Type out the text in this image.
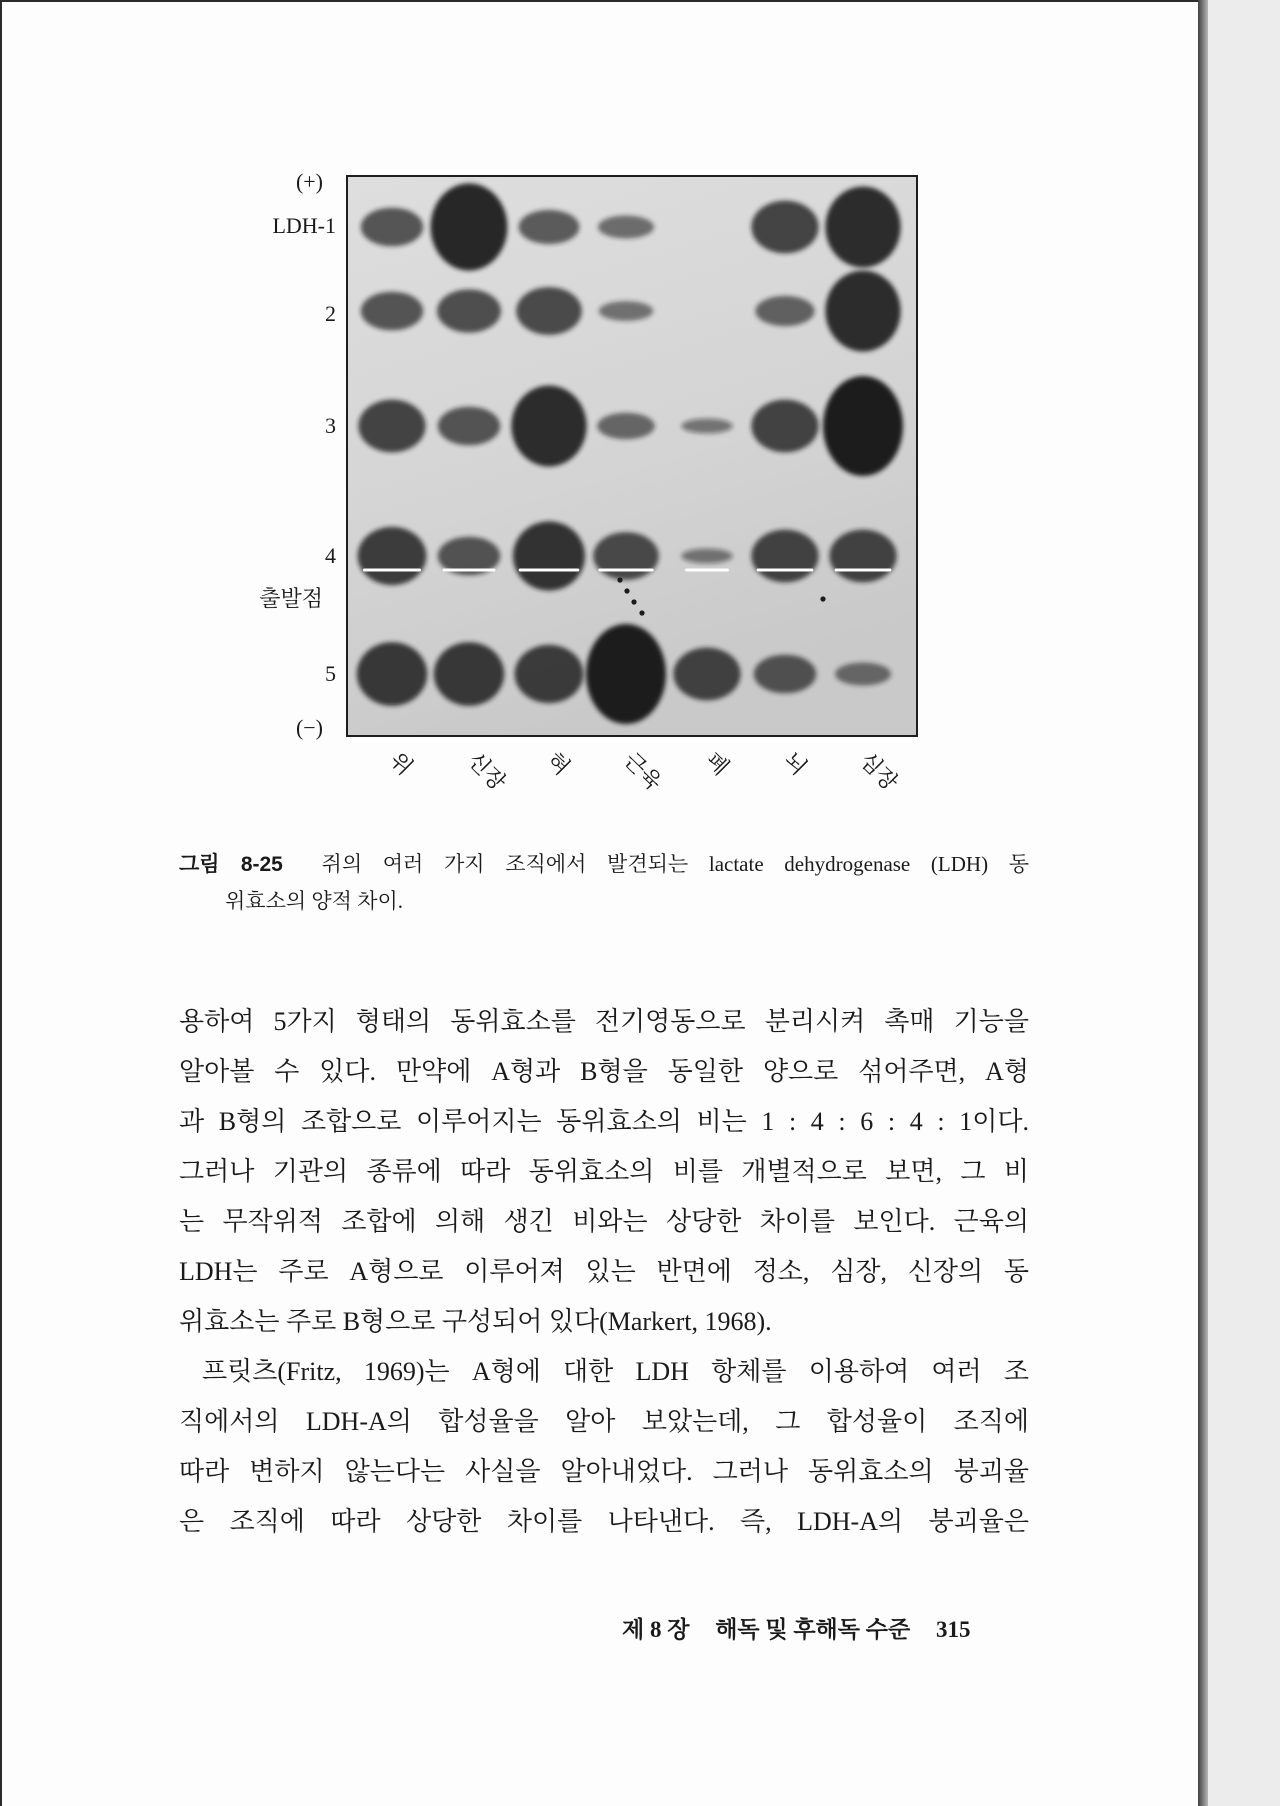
(+)
LDH-1
2
3
4
출발점
5
(−)
위 신장 혀 근육 폐 뇌 심장
그림 8-25 쥐의 여러 가지 조직에서 발견되는 lactate dehydrogenase (LDH) 동
위효소의 양적 차이.
용하여 5가지 형태의 동위효소를 전기영동으로 분리시켜 촉매 기능을
알아볼 수 있다. 만약에 A형과 B형을 동일한 양으로 섞어주면, A형
과 B형의 조합으로 이루어지는 동위효소의 비는 1 : 4 : 6 : 4 : 1이다.
그러나 기관의 종류에 따라 동위효소의 비를 개별적으로 보면, 그 비
는 무작위적 조합에 의해 생긴 비와는 상당한 차이를 보인다. 근육의
LDH는 주로 A형으로 이루어져 있는 반면에 정소, 심장, 신장의 동
위효소는 주로 B형으로 구성되어 있다(Markert, 1968).
프릿츠(Fritz, 1969)는 A형에 대한 LDH 항체를 이용하여 여러 조
직에서의 LDH-A의 합성율을 알아 보았는데, 그 합성율이 조직에
따라 변하지 않는다는 사실을 알아내었다. 그러나 동위효소의 붕괴율
은 조직에 따라 상당한 차이를 나타낸다. 즉, LDH-A의 붕괴율은
제 8 장 해독 및 후해독 수준 315
